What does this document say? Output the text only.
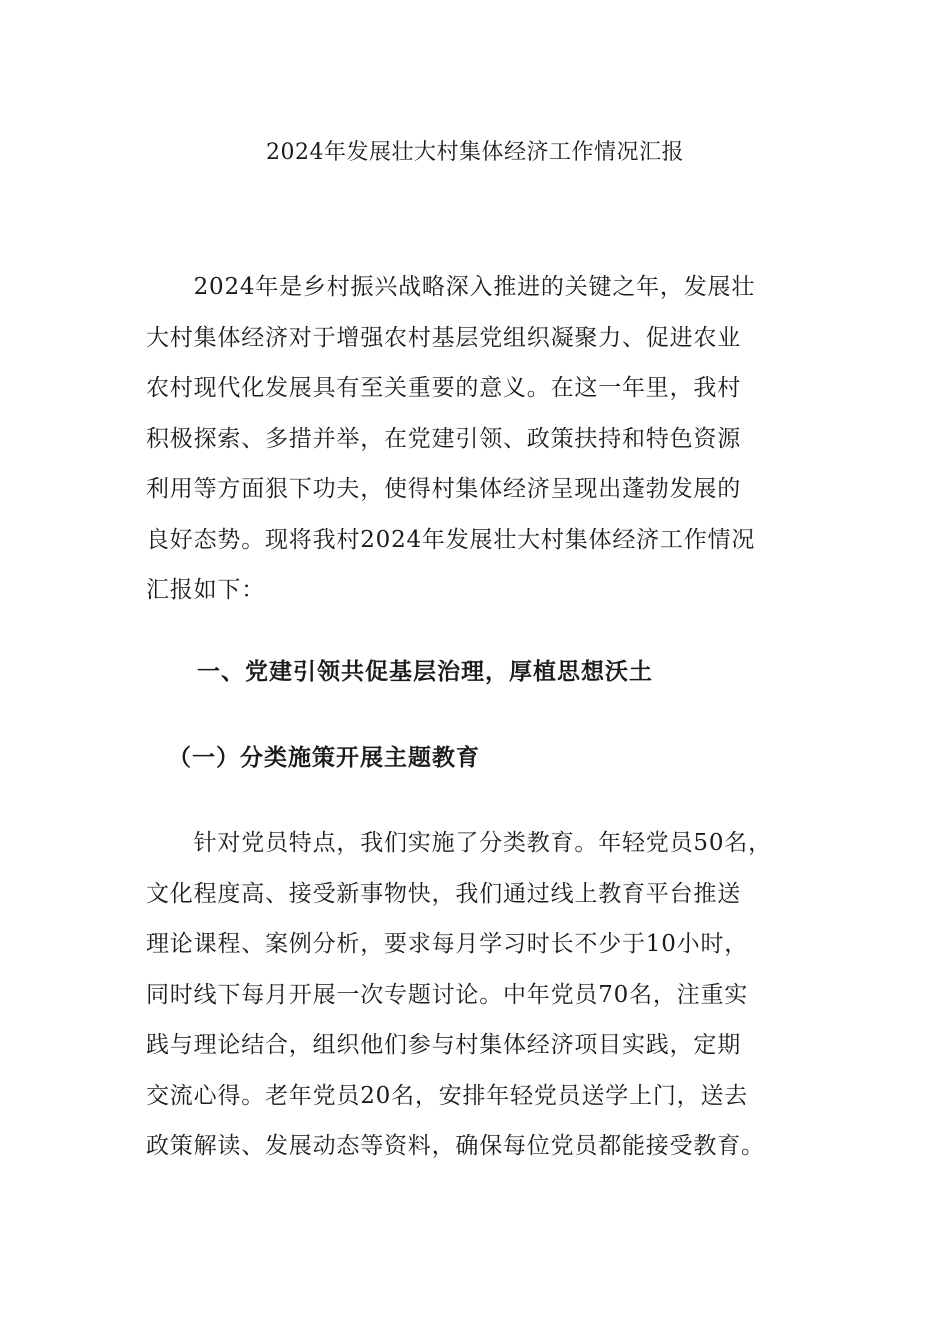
2024年发展壮大村集体经济工作情况汇报
　　2024年是乡村振兴战略深入推进的关键之年，发展壮
大村集体经济对于增强农村基层党组织凝聚力、促进农业
农村现代化发展具有至关重要的意义。在这一年里，我村
积极探索、多措并举，在党建引领、政策扶持和特色资源
利用等方面狠下功夫，使得村集体经济呈现出蓬勃发展的
良好态势。现将我村2024年发展壮大村集体经济工作情况
汇报如下：
一、党建引领共促基层治理，厚植思想沃土
（一）分类施策开展主题教育
　　针对党员特点，我们实施了分类教育。年轻党员50名，
文化程度高、接受新事物快，我们通过线上教育平台推送
理论课程、案例分析，要求每月学习时长不少于10小时，
同时线下每月开展一次专题讨论。中年党员70名，注重实
践与理论结合，组织他们参与村集体经济项目实践，定期
交流心得。老年党员20名，安排年轻党员送学上门，送去
政策解读、发展动态等资料，确保每位党员都能接受教育。
